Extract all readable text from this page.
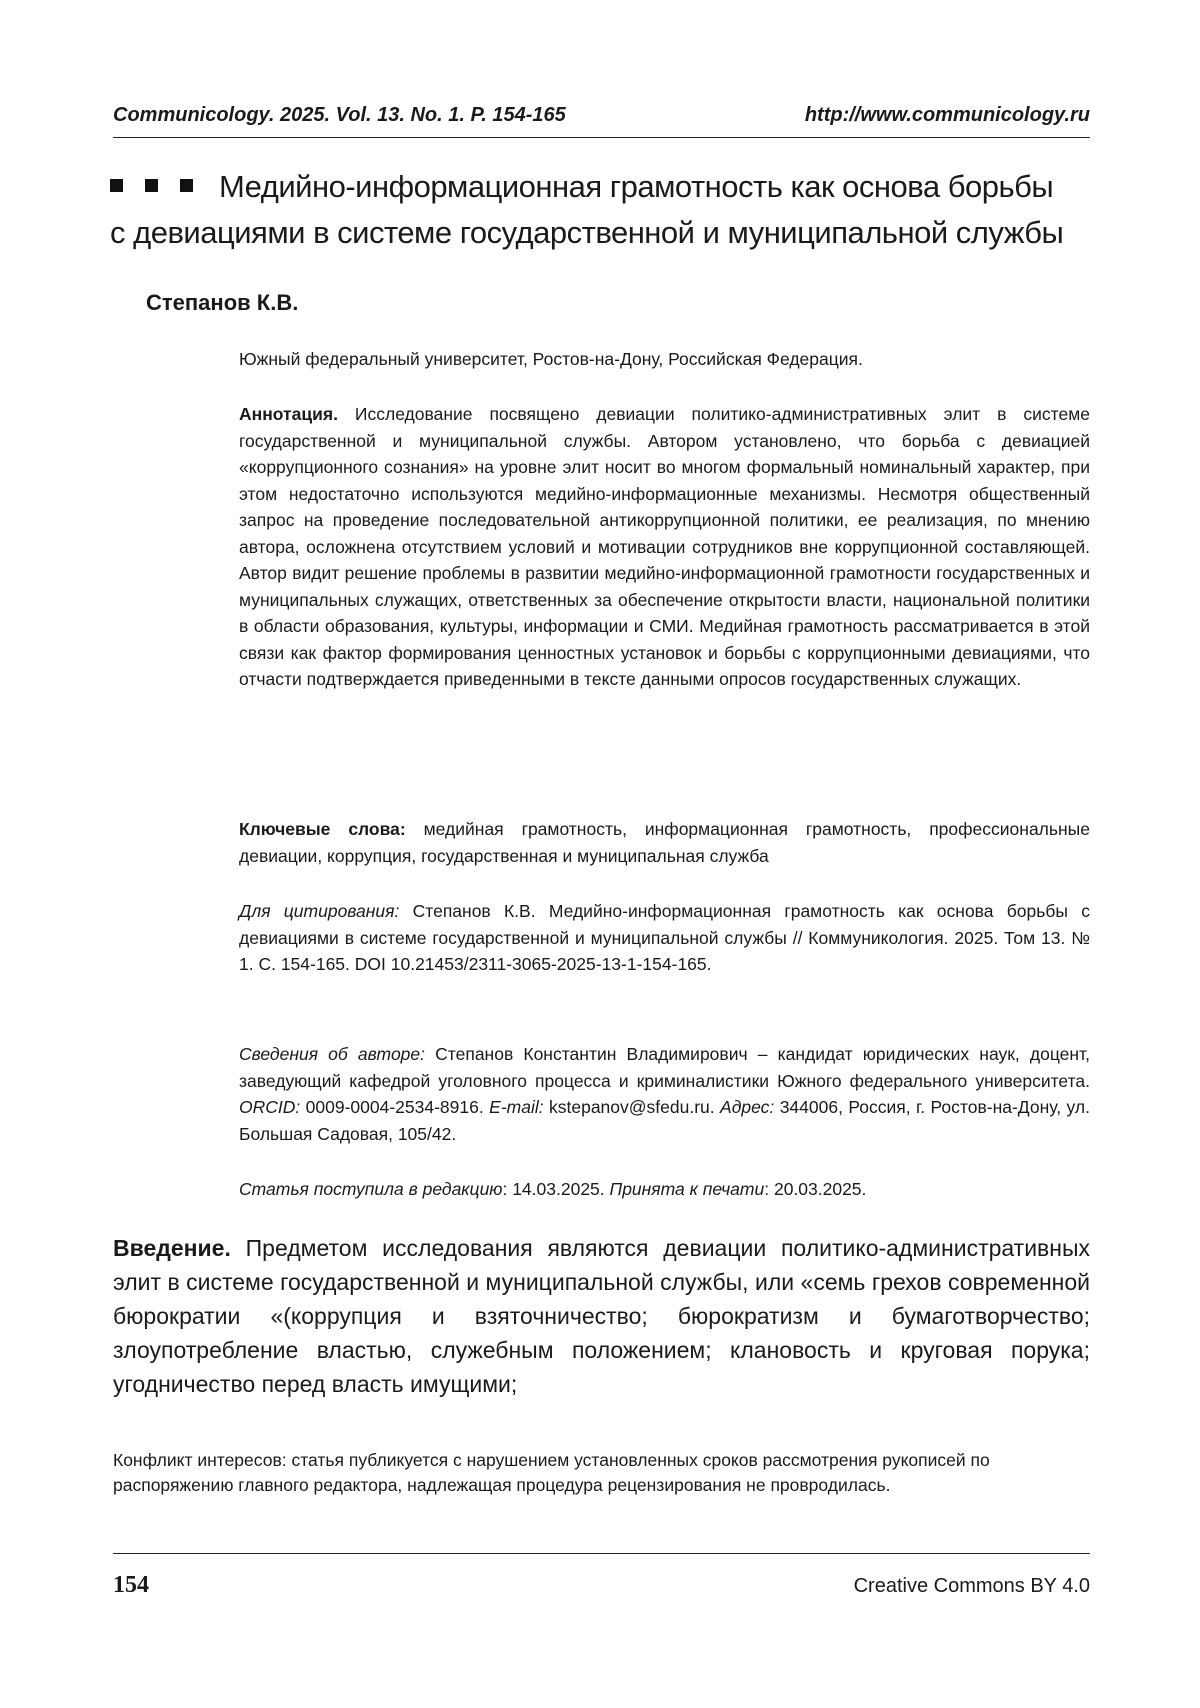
Communicology. 2025. Vol. 13. No. 1. P. 154-165	http://www.communicology.ru
Медийно-информационная грамотность как основа борьбы
с девиациями в системе государственной и муниципальной службы
Степанов К.В.
Южный федеральный университет, Ростов-на-Дону, Российская Федерация.
Аннотация. Исследование посвящено девиации политико-административных элит в системе государственной и муниципальной службы. Автором установлено, что борьба с девиацией «коррупционного сознания» на уровне элит носит во многом формальный номинальный характер, при этом недостаточно используются медийно-информационные механизмы. Несмотря общественный запрос на проведение последовательной антикоррупционной политики, ее реализация, по мнению автора, осложнена отсутствием условий и мотивации сотрудников вне коррупционной составляющей. Автор видит решение проблемы в развитии медийно-информационной грамотности государственных и муниципальных служащих, ответственных за обеспечение открытости власти, национальной политики в области образования, культуры, информации и СМИ. Медийная грамотность рассматривается в этой связи как фактор формирования ценностных установок и борьбы с коррупционными девиациями, что отчасти подтверждается приведенными в тексте данными опросов государственных служащих.
Ключевые слова: медийная грамотность, информационная грамотность, профессиональные девиации, коррупция, государственная и муниципальная служба
Для цитирования: Степанов К.В. Медийно-информационная грамотность как основа борьбы с девиациями в системе государственной и муниципальной службы // Коммуникология. 2025. Том 13. № 1. С. 154-165. DOI 10.21453/2311-3065-2025-13-1-154-165.
Сведения об авторе: Степанов Константин Владимирович – кандидат юридических наук, доцент, заведующий кафедрой уголовного процесса и криминалистики Южного федерального университета. ORCID: 0009-0004-2534-8916. E-mail: kstepanov@sfedu.ru. Адрес: 344006, Россия, г. Ростов-на-Дону, ул. Большая Садовая, 105/42.
Статья поступила в редакцию: 14.03.2025. Принята к печати: 20.03.2025.
Введение. Предметом исследования являются девиации политико-административных элит в системе государственной и муниципальной службы, или «семь грехов современной бюрократии «(коррупция и взяточничество; бюрократизм и бумаготворчество; злоупотребление властью, служебным положением; клановость и круговая порука; угодничество перед власть имущими;
Конфликт интересов: статья публикуется с нарушением установленных сроков рассмотрения рукописей по распоряжению главного редактора, надлежащая процедура рецензирования не провродилась.
154	Creative Commons BY 4.0
